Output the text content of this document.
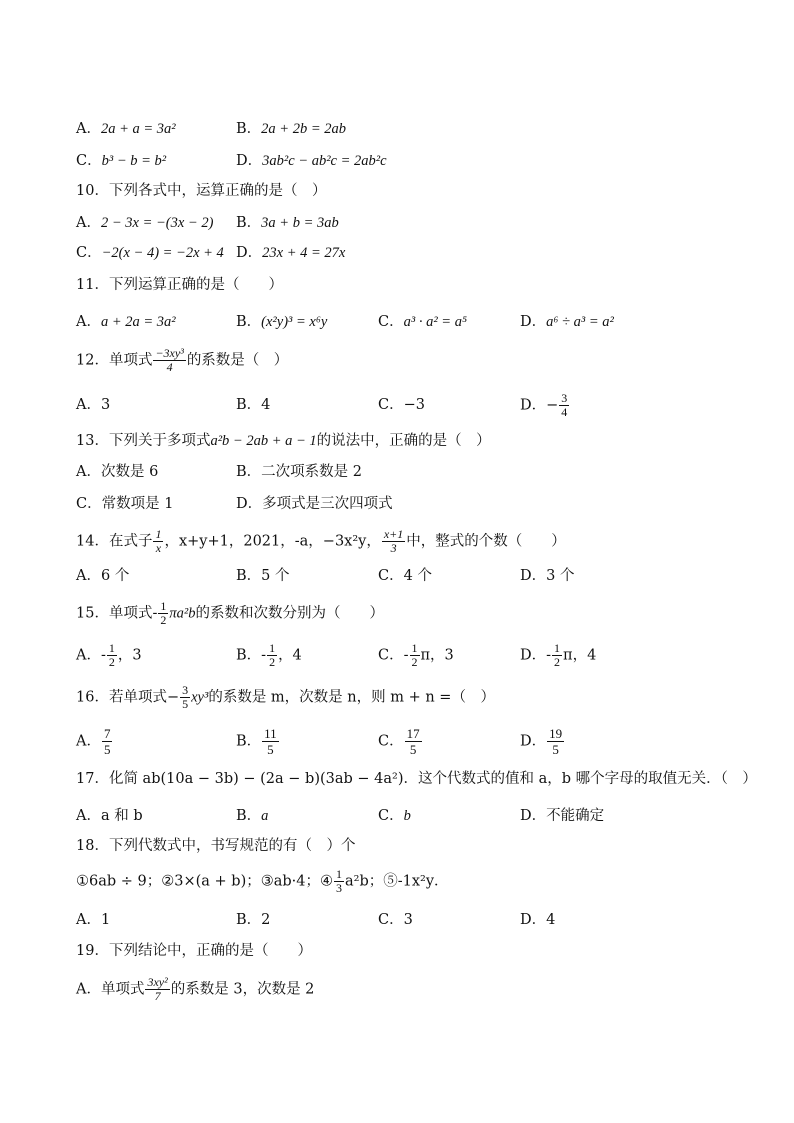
A．2a + a = 3a²	B．2a + 2b = 2ab
C．b³ − b = b²	D．3ab²c − ab²c = 2ab²c
10．下列各式中，运算正确的是（　）
A．2 − 3x = −(3x − 2) B．3a + b = 3ab
C．−2(x − 4) = −2x + 4 D．23x + 4 = 27x
11．下列运算正确的是（　　）
A．a + 2a = 3a²	B．(x²y)³ = x⁶y	C．a³ · a² = a⁵	D．a⁶ ÷ a³ = a²
12．单项式 $\frac{\text{−3xy³}}{4}$ 的系数是（　）
A．3	B．4	C．−3	D．− $\frac{3}{4}$
13．下列关于多项式a²b − 2ab + a − 1的说法中，正确的是（　）
A．次数是 6	B．二次项系数是 2
C．常数项是 1	D．多项式是三次四项式
14．在式子 $\frac{1}{x}$ ，x+y+1，2021，-a，−3x²y， $\frac{x+1}{3}$ 中，整式的个数（　　）
A．6 个	B．5 个	C．4 个	D．3 个
15．单项式- $\frac{1}{2} \pi a^2b$的系数和次数分别为（　　）
A．- $\frac{1}{2}$ ，3	B．- $\frac{1}{2}$ ，4	C．- $\frac{1}{2}$ π，3	D．- $\frac{1}{2}$ π，4
16．若单项式− $\frac{3}{5} xy^3$的系数是 m，次数是 n，则 m + n =（　）
A． $\frac{7}{5}$	B． $\frac{11}{5}$	C． $\frac{17}{5}$	D． $\frac{19}{5}$
17．化简 ab(10a − 3b) − (2a − b)(3ab − 4a²)．这个代数式的值和 a，b 哪个字母的取值无关．（　）
A．a 和 b	B．a	C．b	D．不能确定
18．下列代数式中，书写规范的有（　）个
①6ab ÷ 9；②3×(a + b)；③ab·4；④ $\frac{1}{3} a^2b$；⑤-1x²y．
A．1	B．2	C．3	D．4
19．下列结论中，正确的是（　　）
A．单项式 $\frac{\text{3xy²}}{7}$ 的系数是 3，次数是 2
